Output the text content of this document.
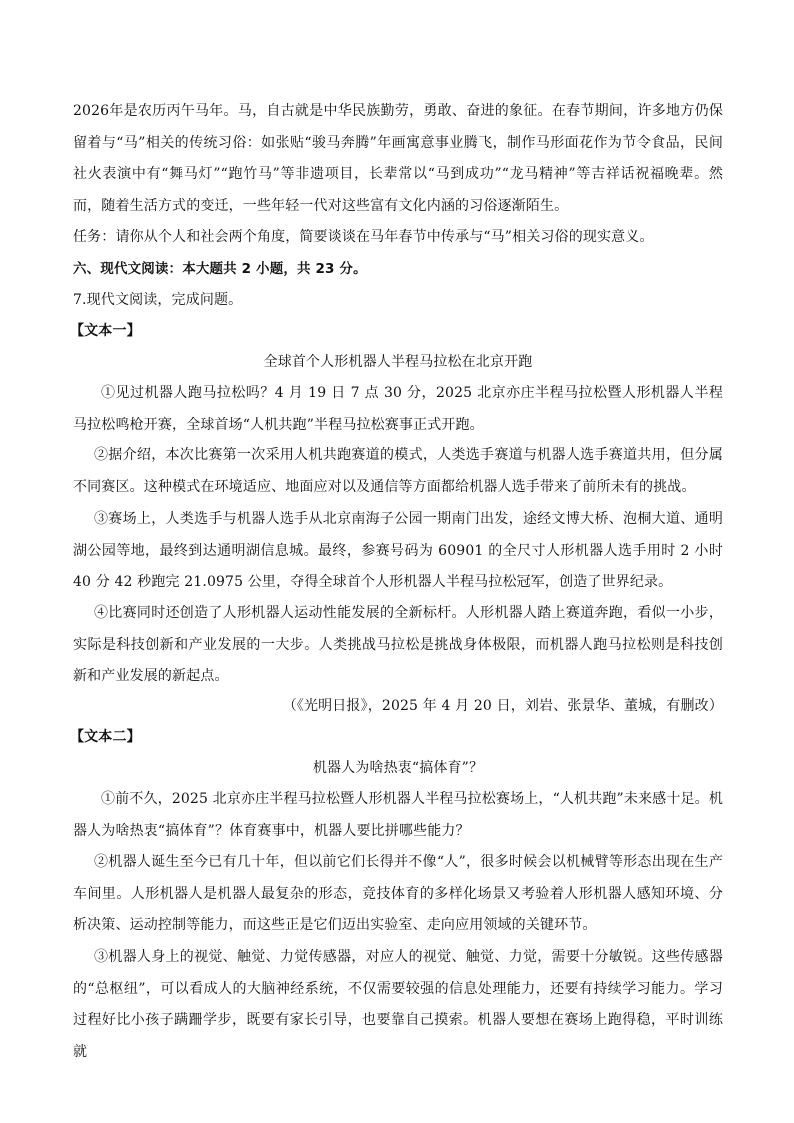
2026年是农历丙午马年。马，自古就是中华民族勤劳，勇敢、奋进的象征。在春节期间，许多地方仍保留着与“马”相关的传统习俗：如张贴“骏马奔腾”年画寓意事业腾飞，制作马形面花作为节令食品，民间社火表演中有“舞马灯”“跑竹马”等非遗项目，长辈常以“马到成功”“龙马精神”等吉祥话祝福晚辈。然而，随着生活方式的变迁，一些年轻一代对这些富有文化内涵的习俗逐渐陌生。

任务：请你从个人和社会两个角度，简要谈谈在马年春节中传承与“马”相关习俗的现实意义。

六、现代文阅读：本大题共 2 小题，共 23 分。

7.现代文阅读，完成问题。

【文本一】

全球首个人形机器人半程马拉松在北京开跑

①见过机器人跑马拉松吗？4 月 19 日 7 点 30 分，2025 北京亦庄半程马拉松暨人形机器人半程马拉松鸣枪开赛，全球首场“人机共跑”半程马拉松赛事正式开跑。

②据介绍，本次比赛第一次采用人机共跑赛道的模式，人类选手赛道与机器人选手赛道共用，但分属不同赛区。这种模式在环境适应、地面应对以及通信等方面都给机器人选手带来了前所未有的挑战。

③赛场上，人类选手与机器人选手从北京南海子公园一期南门出发，途经文博大桥、泡桐大道、通明湖公园等地，最终到达通明湖信息城。最终，参赛号码为 60901 的全尺寸人形机器人选手用时 2 小时 40 分 42 秒跑完 21.0975 公里，夺得全球首个人形机器人半程马拉松冠军，创造了世界纪录。

④比赛同时还创造了人形机器人运动性能发展的全新标杆。人形机器人踏上赛道奔跑，看似一小步，实际是科技创新和产业发展的一大步。人类挑战马拉松是挑战身体极限，而机器人跑马拉松则是科技创新和产业发展的新起点。

（《光明日报》，2025 年 4 月 20 日，刘岩、张景华、董城，有删改）

【文本二】

机器人为啥热衷“搞体育”？

①前不久，2025 北京亦庄半程马拉松暨人形机器人半程马拉松赛场上，“人机共跑”未来感十足。机器人为啥热衷“搞体育”？体育赛事中，机器人要比拼哪些能力？

②机器人诞生至今已有几十年，但以前它们长得并不像“人”，很多时候会以机械臂等形态出现在生产车间里。人形机器人是机器人最复杂的形态，竞技体育的多样化场景又考验着人形机器人感知环境、分析决策、运动控制等能力，而这些正是它们迈出实验室、走向应用领域的关键环节。

③机器人身上的视觉、触觉、力觉传感器，对应人的视觉、触觉、力觉，需要十分敏锐。这些传感器的“总枢纽”，可以看成人的大脑神经系统，不仅需要较强的信息处理能力，还要有持续学习能力。学习过程好比小孩子蹒跚学步，既要有家长引导，也要靠自己摸索。机器人要想在赛场上跑得稳，平时训练就
